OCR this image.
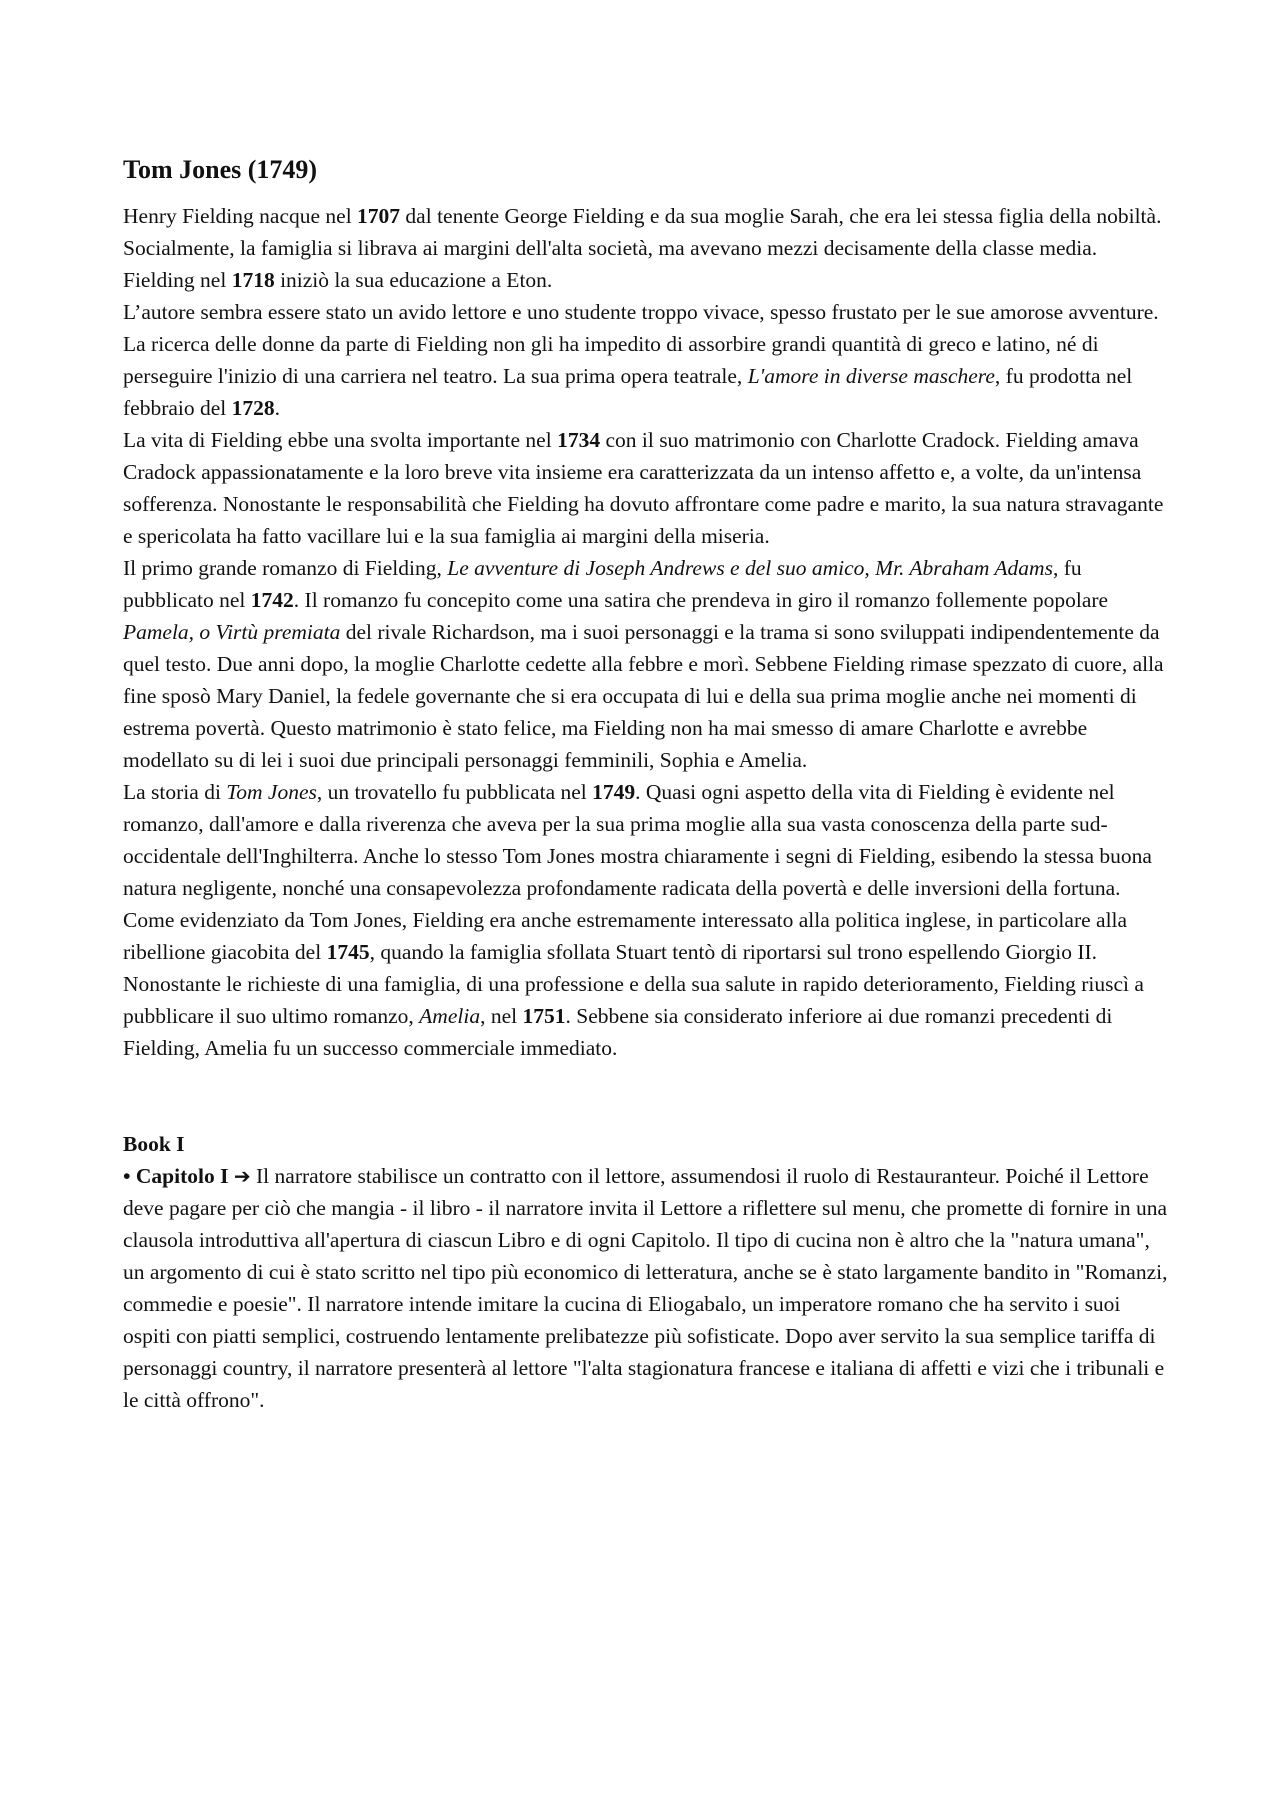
Tom Jones (1749)

Henry Fielding nacque nel 1707 dal tenente George Fielding e da sua moglie Sarah, che era lei stessa figlia della nobiltà. Socialmente, la famiglia si librava ai margini dell'alta società, ma avevano mezzi decisamente della classe media. Fielding nel 1718 iniziò la sua educazione a Eton.

L’autore sembra essere stato un avido lettore e uno studente troppo vivace, spesso frustato per le sue amorose avventure. La ricerca delle donne da parte di Fielding non gli ha impedito di assorbire grandi quantità di greco e latino, né di perseguire l'inizio di una carriera nel teatro. La sua prima opera teatrale, L'amore in diverse maschere, fu prodotta nel febbraio del 1728.

La vita di Fielding ebbe una svolta importante nel 1734 con il suo matrimonio con Charlotte Cradock. Fielding amava Cradock appassionatamente e la loro breve vita insieme era caratterizzata da un intenso affetto e, a volte, da un'intensa sofferenza. Nonostante le responsabilità che Fielding ha dovuto affrontare come padre e marito, la sua natura stravagante e spericolata ha fatto vacillare lui e la sua famiglia ai margini della miseria.

Il primo grande romanzo di Fielding, Le avventure di Joseph Andrews e del suo amico, Mr. Abraham Adams, fu pubblicato nel 1742. Il romanzo fu concepito come una satira che prendeva in giro il romanzo follemente popolare Pamela, o Virtù premiata del rivale Richardson, ma i suoi personaggi e la trama si sono sviluppati indipendentemente da quel testo. Due anni dopo, la moglie Charlotte cedette alla febbre e morì. Sebbene Fielding rimase spezzato di cuore, alla fine sposò Mary Daniel, la fedele governante che si era occupata di lui e della sua prima moglie anche nei momenti di estrema povertà. Questo matrimonio è stato felice, ma Fielding non ha mai smesso di amare Charlotte e avrebbe modellato su di lei i suoi due principali personaggi femminili, Sophia e Amelia.

La storia di Tom Jones, un trovatello fu pubblicata nel 1749. Quasi ogni aspetto della vita di Fielding è evidente nel romanzo, dall'amore e dalla riverenza che aveva per la sua prima moglie alla sua vasta conoscenza della parte sud-occidentale dell'Inghilterra. Anche lo stesso Tom Jones mostra chiaramente i segni di Fielding, esibendo la stessa buona natura negligente, nonché una consapevolezza profondamente radicata della povertà e delle inversioni della fortuna.

Come evidenziato da Tom Jones, Fielding era anche estremamente interessato alla politica inglese, in particolare alla ribellione giacobita del 1745, quando la famiglia sfollata Stuart tentò di riportarsi sul trono espellendo Giorgio II. Nonostante le richieste di una famiglia, di una professione e della sua salute in rapido deterioramento, Fielding riuscì a pubblicare il suo ultimo romanzo, Amelia, nel 1751. Sebbene sia considerato inferiore ai due romanzi precedenti di Fielding, Amelia fu un successo commerciale immediato.

Book I

• Capitolo I ➔ Il narratore stabilisce un contratto con il lettore, assumendosi il ruolo di Restauranteur. Poiché il Lettore deve pagare per ciò che mangia - il libro - il narratore invita il Lettore a riflettere sul menu, che promette di fornire in una clausola introduttiva all'apertura di ciascun Libro e di ogni Capitolo. Il tipo di cucina non è altro che la "natura umana", un argomento di cui è stato scritto nel tipo più economico di letteratura, anche se è stato largamente bandito in "Romanzi, commedie e poesie". Il narratore intende imitare la cucina di Eliogabalo, un imperatore romano che ha servito i suoi ospiti con piatti semplici, costruendo lentamente prelibatezze più sofisticate. Dopo aver servito la sua semplice tariffa di personaggi country, il narratore presenterà al lettore "l'alta stagionatura francese e italiana di affetti e vizi che i tribunali e le città offrono".
